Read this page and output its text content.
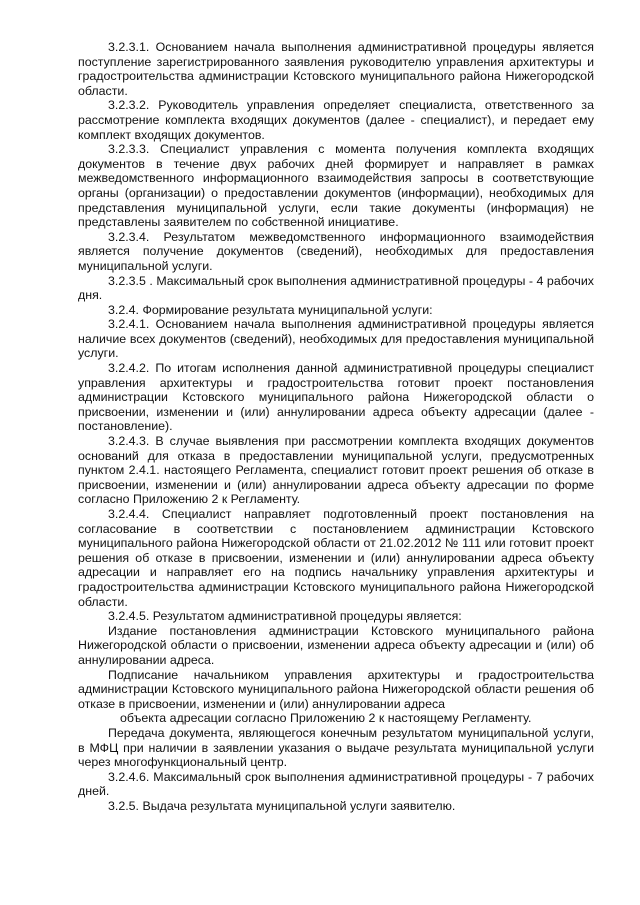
3.2.3.1. Основанием начала выполнения административной процедуры является поступление зарегистрированного заявления руководителю управления архитектуры и градостроительства администрации Кстовского муниципального района Нижегородской области.

3.2.3.2. Руководитель управления определяет специалиста, ответственного за рассмотрение комплекта входящих документов (далее - специалист), и передает ему комплект входящих документов.

3.2.3.3. Специалист управления с момента получения комплекта входящих документов в течение двух рабочих дней формирует и направляет в рамках межведомственного информационного взаимодействия запросы в соответствующие органы (организации) о предоставлении документов (информации), необходимых для представления муниципальной услуги, если такие документы (информация) не представлены заявителем по собственной инициативе.

3.2.3.4. Результатом межведомственного информационного взаимодействия является получение документов (сведений), необходимых для предоставления муниципальной услуги.

3.2.3.5 . Максимальный срок выполнения административной процедуры - 4 рабочих дня.

3.2.4. Формирование результата муниципальной услуги:

3.2.4.1. Основанием начала выполнения административной процедуры является наличие всех документов (сведений), необходимых для предоставления муниципальной услуги.

3.2.4.2. По итогам исполнения данной административной процедуры специалист управления архитектуры и градостроительства готовит проект постановления администрации Кстовского муниципального района Нижегородской области о присвоении, изменении и (или) аннулировании адреса объекту адресации (далее - постановление).

3.2.4.3. В случае выявления при рассмотрении комплекта входящих документов оснований для отказа в предоставлении муниципальной услуги, предусмотренных пунктом 2.4.1. настоящего Регламента, специалист готовит проект решения об отказе в присвоении, изменении и (или) аннулировании адреса объекту адресации по форме согласно Приложению 2 к Регламенту.

3.2.4.4. Специалист направляет подготовленный проект постановления на согласование в соответствии с постановлением администрации Кстовского муниципального района Нижегородской области от 21.02.2012 № 111 или готовит проект решения об отказе в присвоении, изменении и (или) аннулировании адреса объекту адресации и направляет его на подпись начальнику управления архитектуры и градостроительства администрации Кстовского муниципального района Нижегородской области.

3.2.4.5. Результатом административной процедуры является:

Издание постановления администрации Кстовского муниципального района Нижегородской области о присвоении, изменении адреса объекту адресации и (или) об аннулировании адреса.

Подписание начальником управления архитектуры и градостроительства администрации Кстовского муниципального района Нижегородской области решения об отказе в присвоении, изменении и (или) аннулировании адреса

объекта адресации согласно Приложению 2 к настоящему Регламенту.

Передача документа, являющегося конечным результатом муниципальной услуги, в МФЦ при наличии в заявлении указания о выдаче результата муниципальной услуги через многофункциональный центр.

3.2.4.6. Максимальный срок выполнения административной процедуры - 7 рабочих дней.

3.2.5. Выдача результата муниципальной услуги заявителю.
